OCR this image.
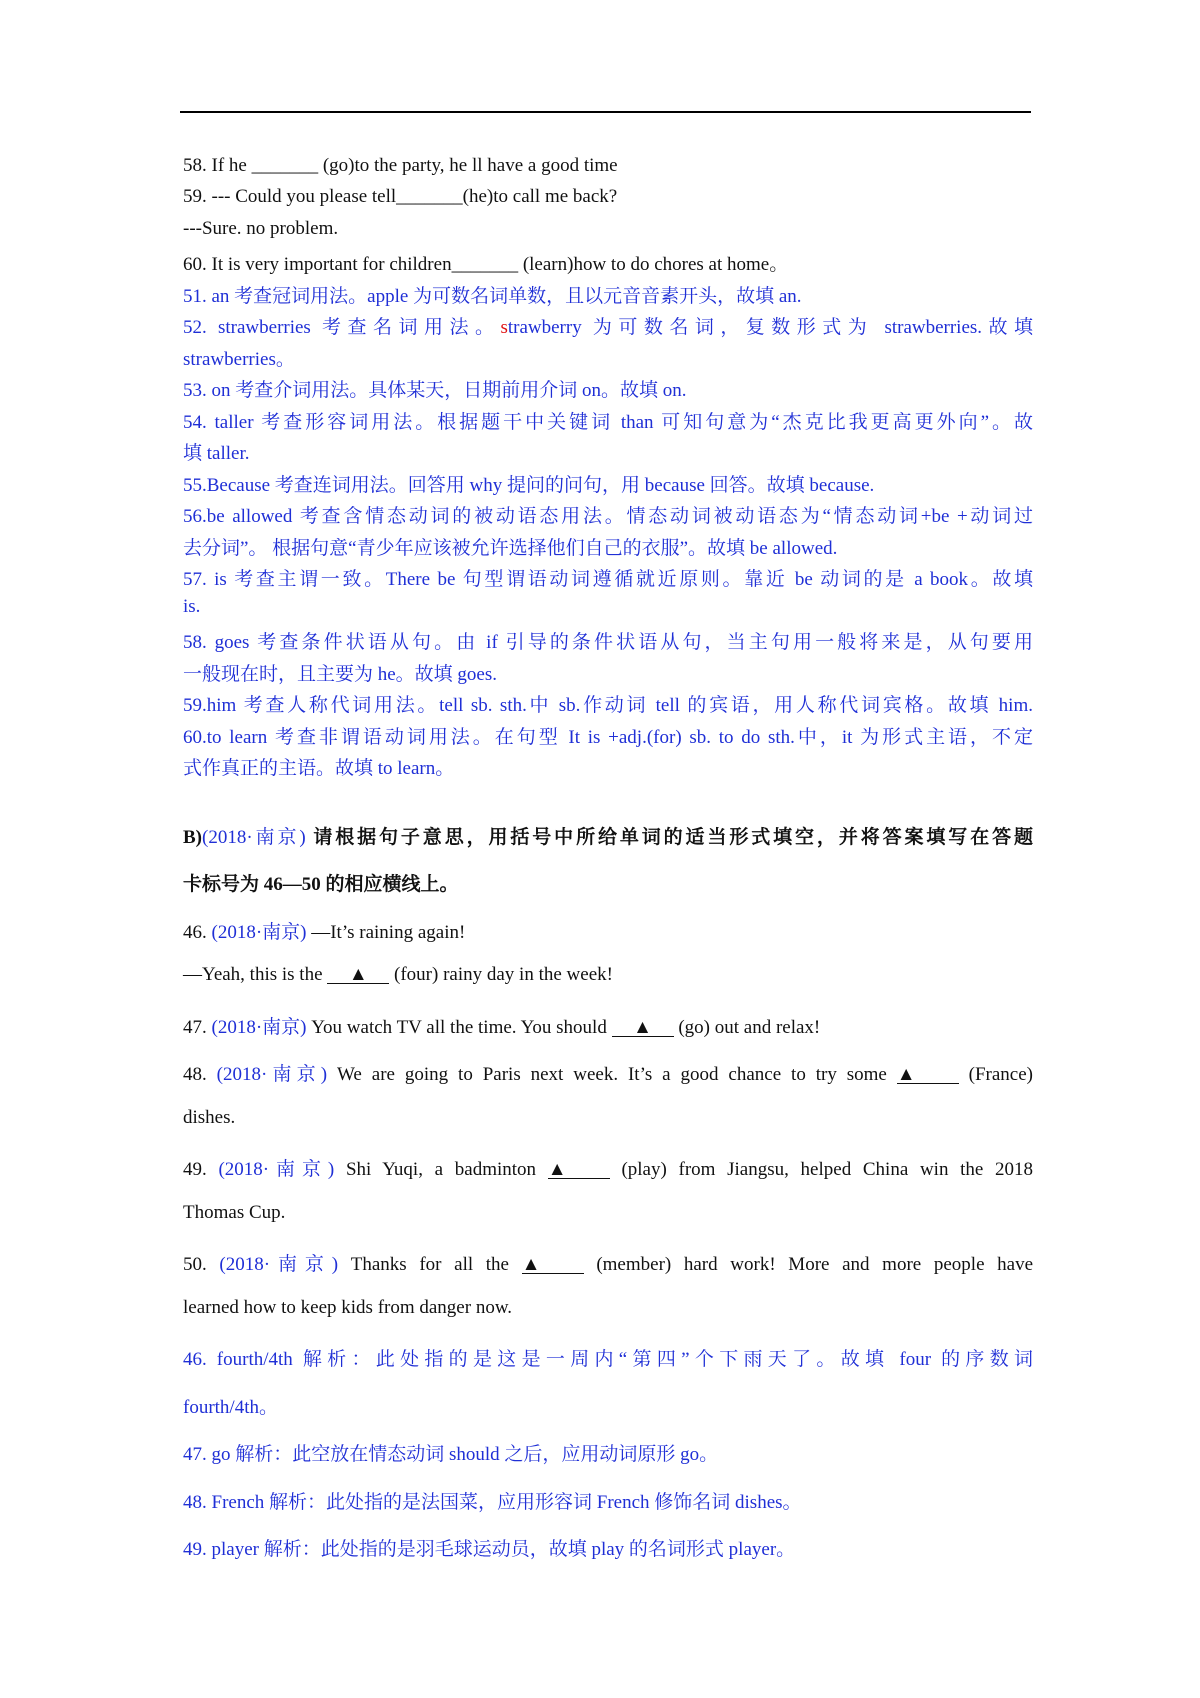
58. If he _______ (go)to the party, he ll have a good time
59. --- Could you please tell_______(he)to call me back?
---Sure. no problem.
60. It is very important for children_______ (learn)how to do chores at home。
51. an 考查冠词用法。apple 为可数名词单数，且以元音音素开头，故填 an.
52. strawberries 考查名词用法。strawberry 为可数名词，复数形式为 strawberries.故填
strawberries。
53. on 考查介词用法。具体某天，日期前用介词 on。故填 on.
54. taller 考查形容词用法。根据题干中关键词 than 可知句意为“杰克比我更高更外向”。故
填 taller.
55.Because 考查连词用法。回答用 why 提问的问句，用 because 回答。故填 because.
56.be allowed 考查含情态动词的被动语态用法。情态动词被动语态为“情态动词+be +动词过
去分词”。 根据句意“青少年应该被允许选择他们自己的衣服”。故填 be allowed.
57. is 考查主谓一致。There be 句型谓语动词遵循就近原则。靠近 be 动词的是 a book。故填
is.
58. goes 考查条件状语从句。由 if 引导的条件状语从句，当主句用一般将来是，从句要用
一般现在时，且主要为 he。故填 goes.
59.him 考查人称代词用法。tell sb. sth.中 sb.作动词 tell 的宾语，用人称代词宾格。故填 him.
60.to learn 考查非谓语动词用法。在句型 It is +adj.(for) sb. to do sth.中，it 为形式主语，不定
式作真正的主语。故填 to learn。
B)(2018·南京) 请根据句子意思，用括号中所给单词的适当形式填空，并将答案填写在答题
卡标号为 46—50 的相应横线上。
46. (2018·南京) —It’s raining again!
—Yeah, this is the ▲ (four) rainy day in the week!
47. (2018·南京) You watch TV all the time. You should ▲ (go) out and relax!
48. (2018·南京) We are going to Paris next week. It’s a good chance to try some ▲	(France)
dishes.
49. (2018·南京) Shi Yuqi, a badminton ▲	(play) from Jiangsu, helped China win the 2018
Thomas Cup.
50. (2018·南京) Thanks for all the ▲	(member) hard work! More and more people have
learned how to keep kids from danger now.
46. fourth/4th 解析：此处指的是这是一周内“第四”个下雨天了。故填 four 的序数词
fourth/4th。
47. go 解析：此空放在情态动词 should 之后，应用动词原形 go。
48. French 解析：此处指的是法国菜，应用形容词 French 修饰名词 dishes。
49. player 解析：此处指的是羽毛球运动员，故填 play 的名词形式 player。
